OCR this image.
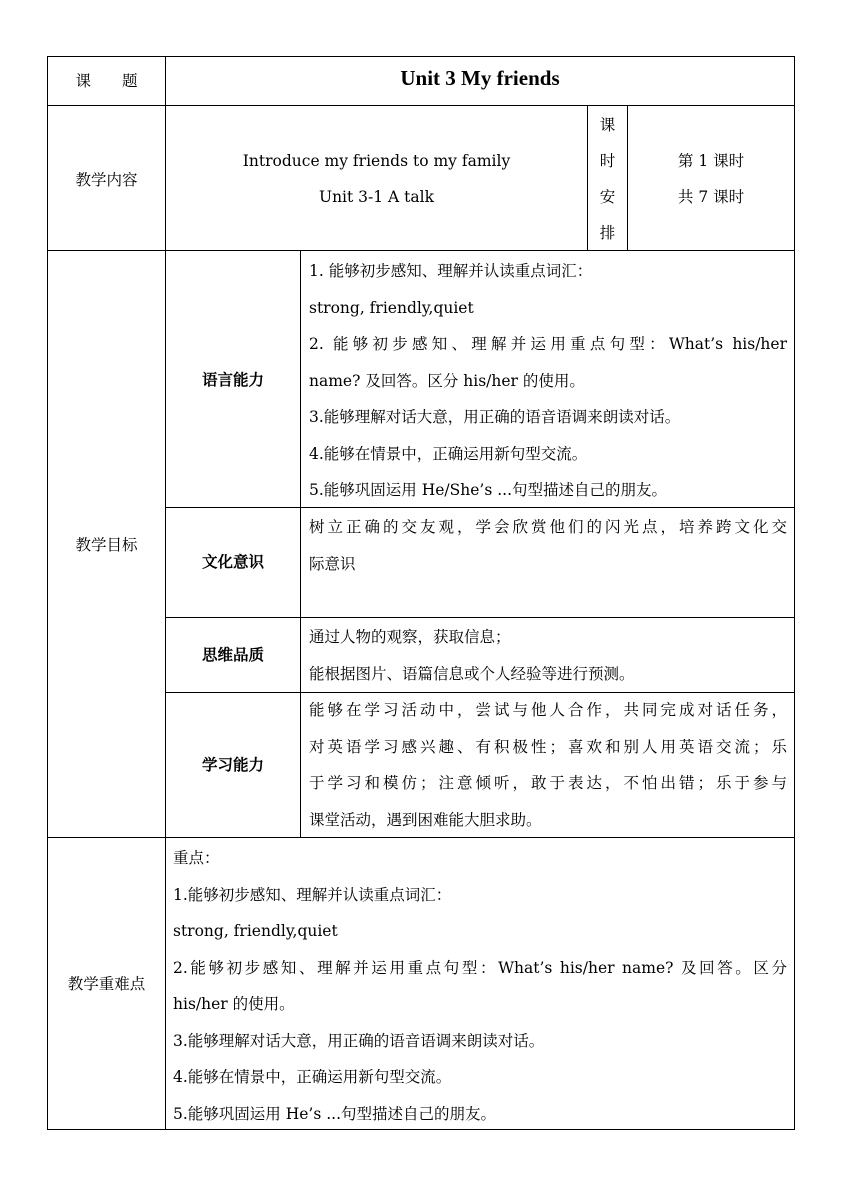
课　　题	Unit 3 My friends
教学内容
Introduce my friends to my family
Unit 3-1 A talk
课
时
安
排
第 1 课时
共 7 课时
教学目标
语言能力
1. 能够初步感知、理解并认读重点词汇：
strong, friendly,quiet
2. 能够初步感知、理解并运用重点句型：What’s his/her
name? 及回答。区分 his/her 的使用。
3.能够理解对话大意，用正确的语音语调来朗读对话。
4.能够在情景中，正确运用新句型交流。
5.能够巩固运用 He/She’s ...句型描述自己的朋友。
文化意识
树立正确的交友观，学会欣赏他们的闪光点，培养跨文化交
际意识
思维品质
通过人物的观察，获取信息；
能根据图片、语篇信息或个人经验等进行预测。
学习能力
能够在学习活动中，尝试与他人合作，共同完成对话任务，
对英语学习感兴趣、有积极性；喜欢和别人用英语交流；乐
于学习和模仿；注意倾听，敢于表达，不怕出错；乐于参与
课堂活动，遇到困难能大胆求助。
教学重难点
重点：
1.能够初步感知、理解并认读重点词汇：
strong, friendly,quiet
2.能够初步感知、理解并运用重点句型：What’s his/her name? 及回答。区分
his/her 的使用。
3.能够理解对话大意，用正确的语音语调来朗读对话。
4.能够在情景中，正确运用新句型交流。
5.能够巩固运用 He’s ...句型描述自己的朋友。
